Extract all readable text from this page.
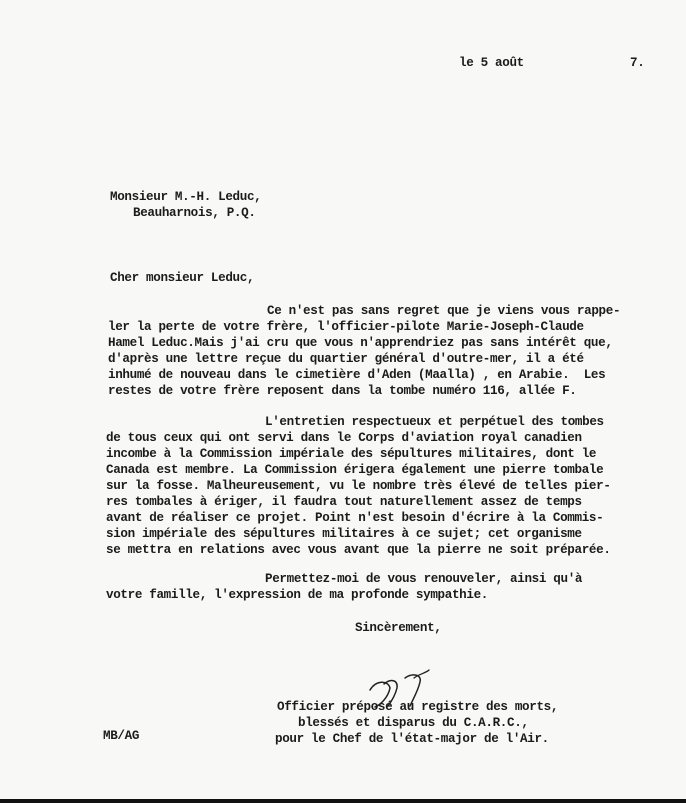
le 5 août	7.
Monsieur M.-H. Leduc,
Beauharnois, P.Q.
Cher monsieur Leduc,
Ce n'est pas sans regret que je viens vous rappe-
ler la perte de votre frère, l'officier-pilote Marie-Joseph-Claude
Hamel Leduc.Mais j'ai cru que vous n'apprendriez pas sans intérêt que,
d'après une lettre reçue du quartier général d'outre-mer, il a été
inhumé de nouveau dans le cimetière d'Aden (Maalla) , en Arabie.  Les
restes de votre frère reposent dans la tombe numéro 116, allée F.
L'entretien respectueux et perpétuel des tombes
de tous ceux qui ont servi dans le Corps d'aviation royal canadien
incombe à la Commission impériale des sépultures militaires, dont le
Canada est membre. La Commission érigera également une pierre tombale
sur la fosse. Malheureusement, vu le nombre très élevé de telles pier-
res tombales à ériger, il faudra tout naturellement assez de temps
avant de réaliser ce projet. Point n'est besoin d'écrire à la Commis-
sion impériale des sépultures militaires à ce sujet; cet organisme
se mettra en relations avec vous avant que la pierre ne soit préparée.
Permettez-moi de vous renouveler, ainsi qu'à
votre famille, l'expression de ma profonde sympathie.
Sincèrement,
Officier préposé au registre des morts,
blessés et disparus du C.A.R.C.,
pour le Chef de l'état-major de l'Air.
MB/AG
